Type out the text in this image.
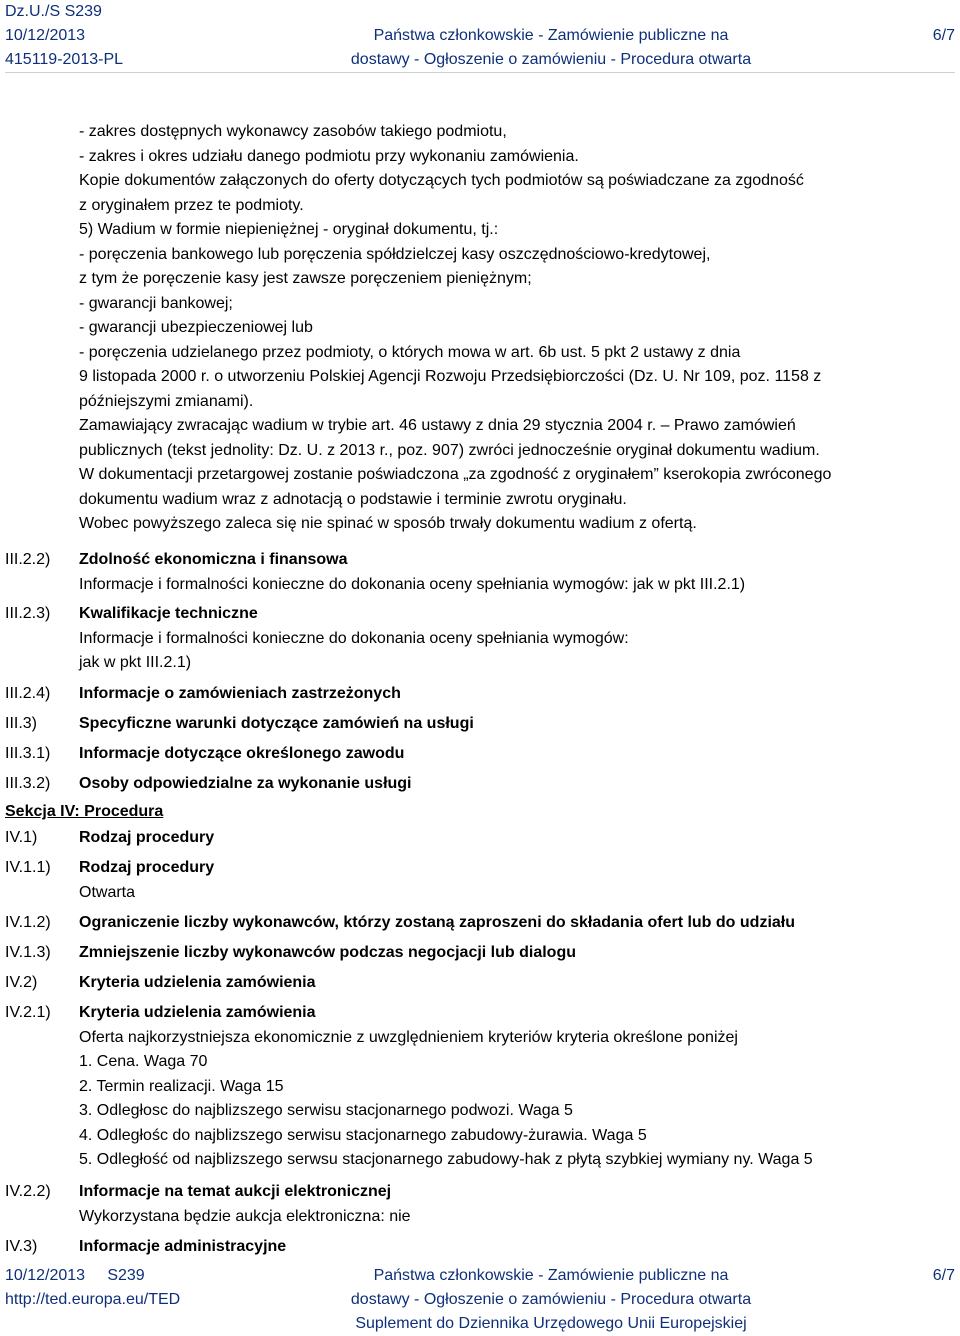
Dz.U./S S239
10/12/2013
415119-2013-PL
Państwa członkowskie - Zamówienie publiczne na
dostawy - Ogłoszenie o zamówieniu - Procedura otwarta
6/7
- zakres dostępnych wykonawcy zasobów takiego podmiotu,
- zakres i okres udziału danego podmiotu przy wykonaniu zamówienia.
Kopie dokumentów załączonych do oferty dotyczących tych podmiotów są poświadczane za zgodność
z oryginałem przez te podmioty.
5) Wadium w formie niepieniężnej - oryginał dokumentu, tj.:
- poręczenia bankowego lub poręczenia spółdzielczej kasy oszczędnościowo-kredytowej,
z tym że poręczenie kasy jest zawsze poręczeniem pieniężnym;
- gwarancji bankowej;
- gwarancji ubezpieczeniowej lub
- poręczenia udzielanego przez podmioty, o których mowa w art. 6b ust. 5 pkt 2 ustawy z dnia
9 listopada 2000 r. o utworzeniu Polskiej Agencji Rozwoju Przedsiębiorczości (Dz. U. Nr 109, poz. 1158 z
późniejszymi zmianami).
Zamawiający zwracając wadium w trybie art. 46 ustawy z dnia 29 stycznia 2004 r. – Prawo zamówień
publicznych (tekst jednolity: Dz. U. z 2013 r., poz. 907) zwróci jednocześnie oryginał dokumentu wadium.
W dokumentacji przetargowej zostanie poświadczona „za zgodność z oryginałem” kserokopia zwróconego
dokumentu wadium wraz z adnotacją o podstawie i terminie zwrotu oryginału.
Wobec powyższego zaleca się nie spinać w sposób trwały dokumentu wadium z ofertą.
III.2.2) Zdolność ekonomiczna i finansowa
Informacje i formalności konieczne do dokonania oceny spełniania wymogów: jak w pkt III.2.1)
III.2.3) Kwalifikacje techniczne
Informacje i formalności konieczne do dokonania oceny spełniania wymogów:
jak w pkt III.2.1)
III.2.4) Informacje o zamówieniach zastrzeżonych
III.3)	Specyficzne warunki dotyczące zamówień na usługi
III.3.1) Informacje dotyczące określonego zawodu
III.3.2) Osoby odpowiedzialne za wykonanie usługi
Sekcja IV: Procedura
IV.1)	Rodzaj procedury
IV.1.1) Rodzaj procedury
Otwarta
IV.1.2) Ograniczenie liczby wykonawców, którzy zostaną zaproszeni do składania ofert lub do udziału
IV.1.3) Zmniejszenie liczby wykonawców podczas negocjacji lub dialogu
IV.2)	Kryteria udzielenia zamówienia
IV.2.1) Kryteria udzielenia zamówienia
Oferta najkorzystniejsza ekonomicznie z uwzględnieniem kryteriów kryteria określone poniżej
1. Cena. Waga 70
2. Termin realizacji. Waga 15
3. Odległosc do najblizszego serwisu stacjonarnego podwozi. Waga 5
4. Odległośc do najblizszego serwisu stacjonarnego zabudowy-żurawia. Waga 5
5. Odległość od najblizszego serwsu stacjonarnego zabudowy-hak z płytą szybkiej wymiany ny. Waga 5
IV.2.2) Informacje na temat aukcji elektronicznej
Wykorzystana będzie aukcja elektroniczna: nie
IV.3)	Informacje administracyjne
10/12/2013 S239
http://ted.europa.eu/TED
Państwa członkowskie - Zamówienie publiczne na
dostawy - Ogłoszenie o zamówieniu - Procedura otwarta
Suplement do Dziennika Urzędowego Unii Europejskiej
6/7
